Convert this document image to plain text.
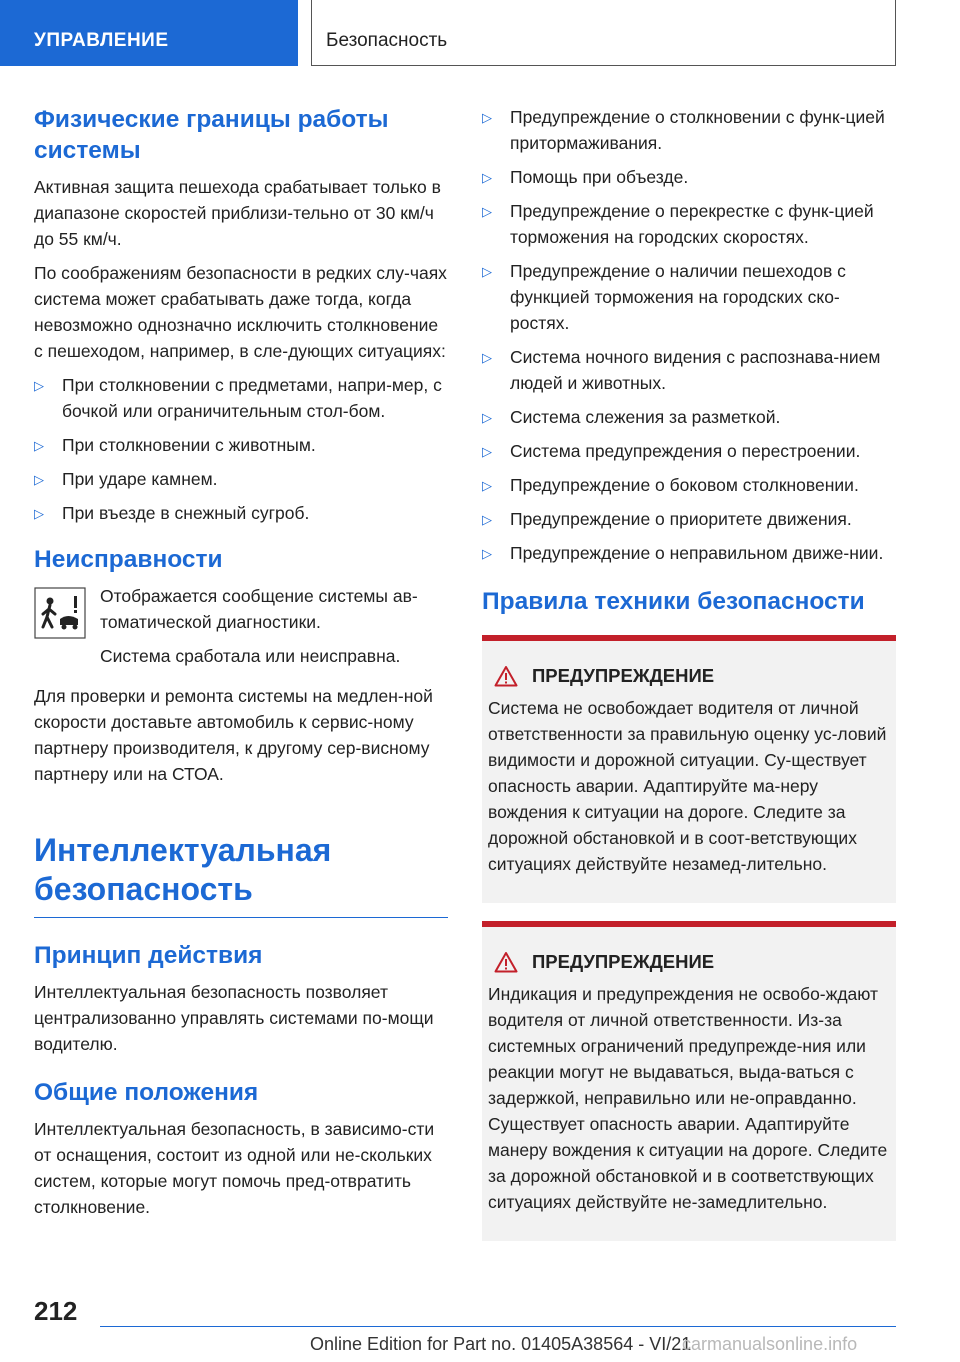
УПРАВЛЕНИЕ	Безопасность
Физические границы работы системы

Активная защита пешехода срабатывает только в диапазоне скоростей приблизи-тельно от 30 км/ч до 55 км/ч.

По соображениям безопасности в редких слу-чаях система может срабатывать даже тогда, когда невозможно однозначно исключить столкновение с пешеходом, например, в сле-дующих ситуациях:

▷ При столкновении с предметами, напри-мер, с бочкой или ограничительным стол-бом.
▷ При столкновении с животным.
▷ При ударе камнем.
▷ При въезде в снежный сугроб.
Неисправности

Отображается сообщение системы ав-томатической диагностики.

Система сработала или неисправна.

Для проверки и ремонта системы на медлен-ной скорости доставьте автомобиль к сервис-ному партнеру производителя, к другому сер-висному партнеру или на СТОА.

Интеллектуальная безопасность
Принцип действия

Интеллектуальная безопасность позволяет централизованно управлять системами по-мощи водителю.

Общие положения

Интеллектуальная безопасность, в зависимо-сти от оснащения, состоит из одной или не-скольких систем, которые могут помочь пред-отвратить столкновение.

▷ Предупреждение о столкновении с функ-цией притормаживания.
▷ Помощь при объезде.
▷ Предупреждение о перекрестке с функ-цией торможения на городских скоростях.
▷ Предупреждение о наличии пешеходов с функцией торможения на городских ско-ростях.
▷ Система ночного видения с распознава-нием людей и животных.
▷ Система слежения за разметкой.
▷ Система предупреждения о перестроении.
▷ Предупреждение о боковом столкновении.
▷ Предупреждение о приоритете движения.
▷ Предупреждение о неправильном движе-нии.
Правила техники безопасности
ПРЕДУПРЕЖДЕНИЕ

Система не освобождает водителя от личной ответственности за правильную оценку ус-ловий видимости и дорожной ситуации. Су-ществует опасность аварии. Адаптируйте ма-неру вождения к ситуации на дороге. Следите за дорожной обстановкой и в соот-ветствующих ситуациях действуйте незамед-лительно.

ПРЕДУПРЕЖДЕНИЕ

Индикация и предупреждения не освобо-ждают водителя от личной ответственности. Из-за системных ограничений предупрежде-ния или реакции могут не выдаваться, выда-ваться с задержкой, неправильно или не-оправданно. Существует опасность аварии. Адаптируйте манеру вождения к ситуации на дороге. Следите за дорожной обстановкой и в соответствующих ситуациях действуйте не-замедлительно.

212
Online Edition for Part no. 01405A38564 - VI/21
carmanualsonline.info
